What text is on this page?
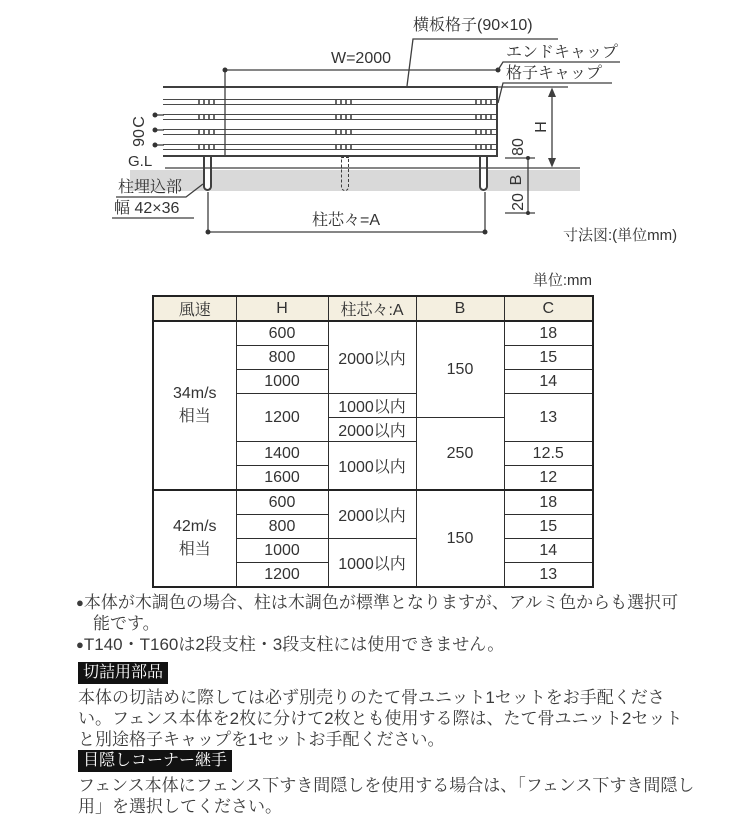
横板格子(90×10)
W=2000	エンドキャップ
格子キャップ
C
90
G.L
柱埋込部
幅 42×36
柱芯々=A
H
80
B
20
寸法図:(単位mm)
単位:mm
風速	H	柱芯々:A	B	C
34m/s
相当	600	2000以内	150	18
	800			15
	1000			14
	1200	1000以内		13
		2000以内	250	
	1400	1000以内		12.5
	1600			12
42m/s
相当	600	2000以内	150	18
	800			15
	1000	1000以内		14
	1200			13
●本体が木調色の場合、柱は木調色が標準となりますが、アルミ色からも選択可能です。
●T140・T160は2段支柱・3段支柱には使用できません。
切詰用部品

本体の切詰めに際しては必ず別売りのたて骨ユニット1セットをお手配ください。フェンス本体を2枚に分けて2枚とも使用する際は、たて骨ユニット2セットと別途格子キャップを1セットお手配ください。

目隠しコーナー継手

フェンス本体にフェンス下すき間隠しを使用する場合は、「フェンス下すき間隠し用」を選択してください。
